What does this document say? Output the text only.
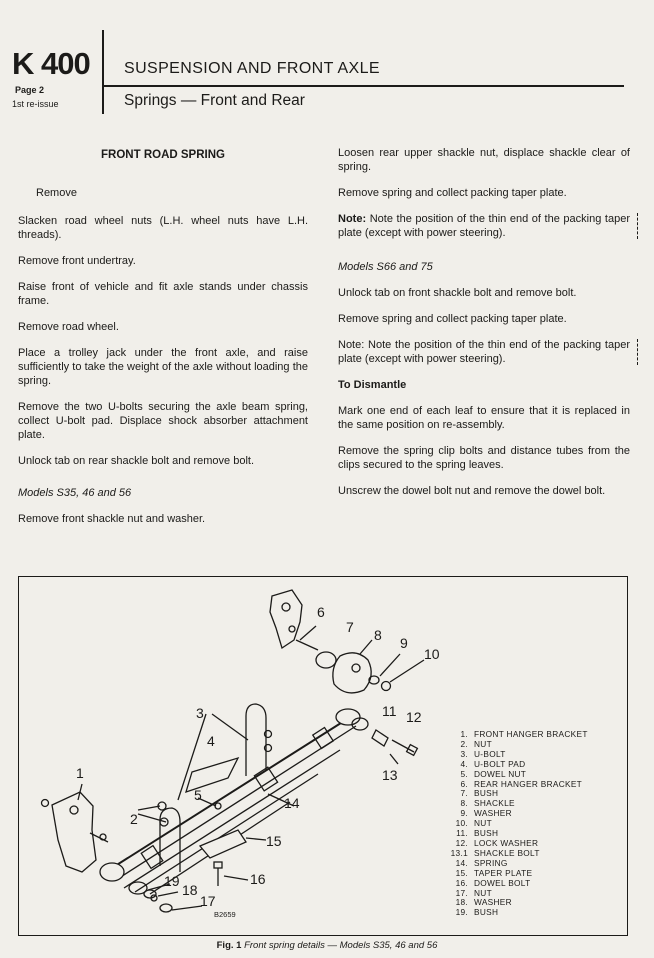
K 400
Page 2
1st re-issue
SUSPENSION AND FRONT AXLE
Springs — Front and Rear

FRONT ROAD SPRING

Remove

Slacken road wheel nuts (L.H. wheel nuts have L.H. threads).

Remove front undertray.

Raise front of vehicle and fit axle stands under chassis frame.

Remove road wheel.

Place a trolley jack under the front axle, and raise sufficiently to take the weight of the axle without loading the spring.

Remove the two U-bolts securing the axle beam spring, collect U-bolt pad. Displace shock absorber attachment plate.

Unlock tab on rear shackle bolt and remove bolt.

Models S35, 46 and 56

Remove front shackle nut and washer.

Loosen rear upper shackle nut, displace shackle clear of spring.

Remove spring and collect packing taper plate.

Note: Note the position of the thin end of the packing taper plate (except with power steering).

Models S66 and 75

Unlock tab on front shackle bolt and remove bolt.

Remove spring and collect packing taper plate.

Note: Note the position of the thin end of the packing taper plate (except with power steering).

To Dismantle

Mark one end of each leaf to ensure that it is replaced in the same position on re-assembly.

Remove the spring clip bolts and distance tubes from the clips secured to the spring leaves.

Unscrew the dowel bolt nut and remove the dowel bolt.

6
7 8 9
10
11 12
13
3
4
5
1
2
14
15
16
19
18
17
1. FRONT HANGER BRACKET
2. NUT
3. U-BOLT
4. U-BOLT PAD
5. DOWEL NUT
6. REAR HANGER BRACKET
7. BUSH
8. SHACKLE
9. WASHER
10. NUT
11. BUSH
12. LOCK WASHER
13.1 SHACKLE BOLT
14. SPRING
15. TAPER PLATE
16. DOWEL BOLT
17. NUT
18. WASHER
19. BUSH
B2659
Fig. 1 Front spring details — Models S35, 46 and 56
